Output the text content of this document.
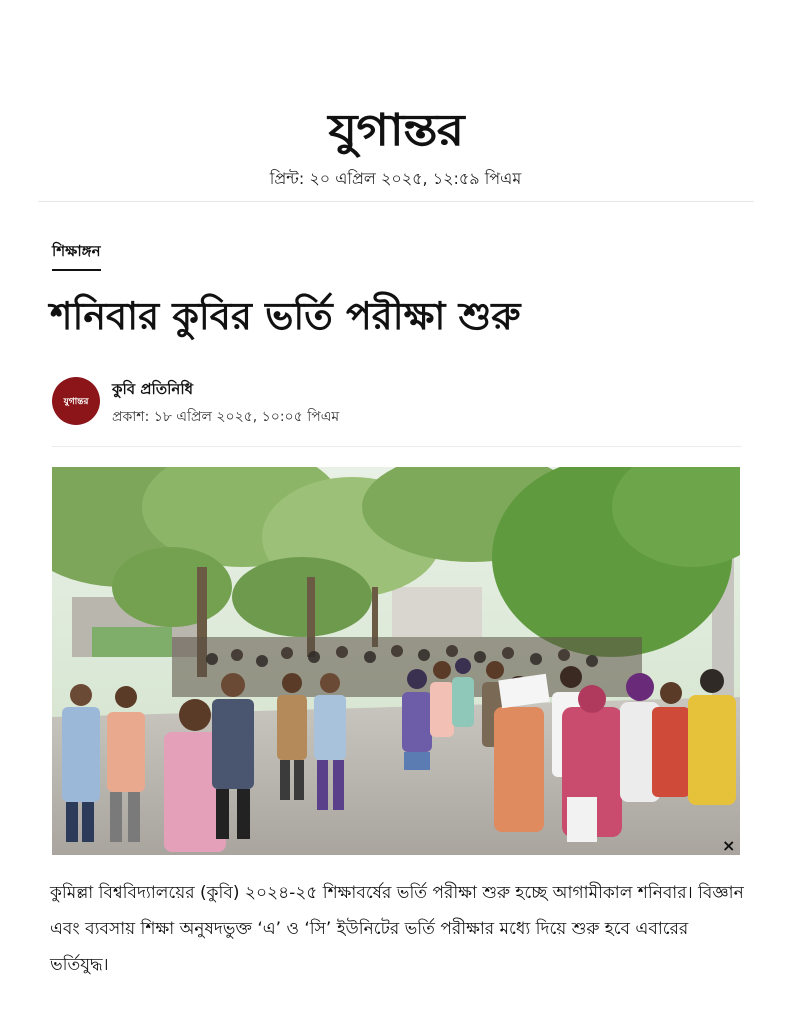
যুগান্তর
প্রিন্ট: ২০ এপ্রিল ২০২৫, ১২:৫৯ পিএম
শিক্ষাঙ্গন
শনিবার কুবির ভর্তি পরীক্ষা শুরু
যুগান্তর
কুবি প্রতিনিধি
প্রকাশ: ১৮ এপ্রিল ২০২৫, ১০:০৫ পিএম
×

কুমিল্লা বিশ্ববিদ্যালয়ের (কুবি) ২০২৪-২৫ শিক্ষাবর্ষের ভর্তি পরীক্ষা শুরু হচ্ছে আগামীকাল শনিবার। বিজ্ঞান এবং ব্যবসায় শিক্ষা অনুষদভুক্ত ‘এ’ ও ‘সি’ ইউনিটের ভর্তি পরীক্ষার মধ্যে দিয়ে শুরু হবে এবারের ভর্তিযুদ্ধ।
